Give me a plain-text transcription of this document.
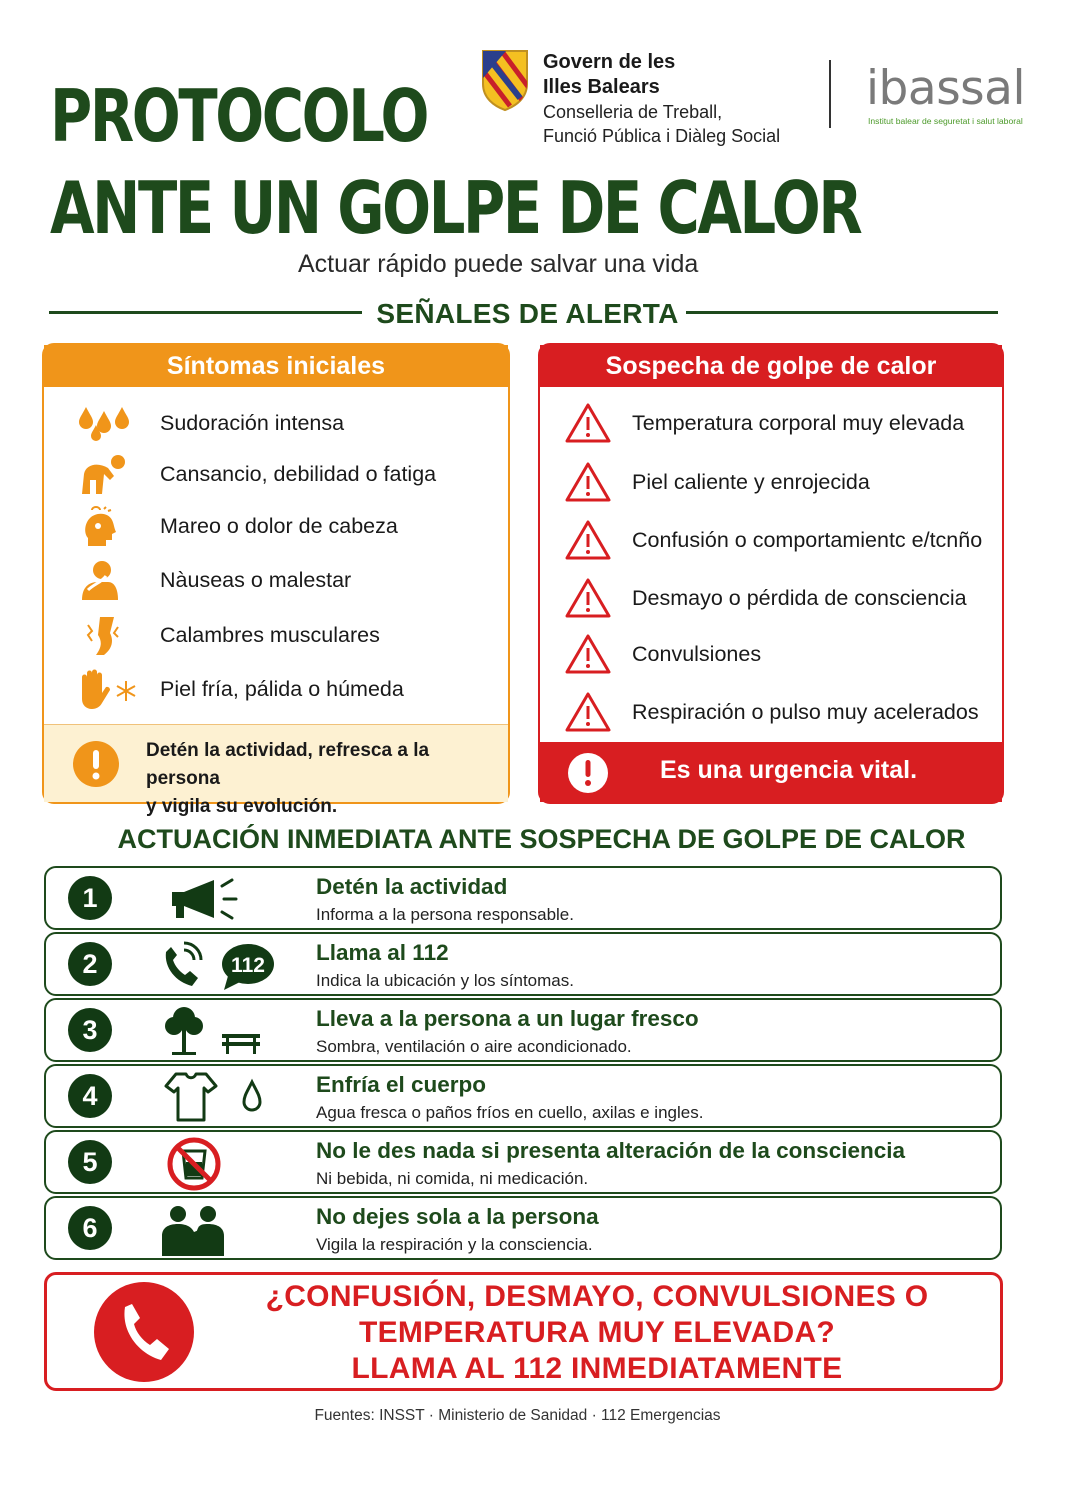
PROTOCOLO
ANTE UN GOLPE DE CALOR
Actuar rápido puede salvar una vida
Govern de les
Illes Balears
Conselleria de Treball,
Funció Pública i Diàleg Social
ibassal
Institut balear de seguretat i salut laboral
SEÑALES DE ALERTA
Síntomas iniciales
Sudoración intensa
Cansancio, debilidad o fatiga
Mareo o dolor de cabeza
Nàuseas o malestar
Calambres musculares
Piel fría, pálida o húmeda
Detén la actividad, refresca a la persona
y vigila su evolución.
Sospecha de golpe de calor
Temperatura corporal muy elevada
Piel caliente y enrojecida
Confusión o comportamientc e/tcnño
Desmayo o pérdida de consciencia
Convulsiones
Respiración o pulso muy acelerados
Es una urgencia vital.
ACTUACIÓN INMEDIATA ANTE SOSPECHA DE GOLPE DE CALOR
1	Detén la actividad
Informa a la persona responsable.
2	112
Llama al 112
Indica la ubicación y los síntomas.
3	Lleva a la persona a un lugar fresco
Sombra, ventilación o aire acondicionado.
4	Enfría el cuerpo
Agua fresca o paños fríos en cuello, axilas e ingles.
5	No le des nada si presenta alteración de la consciencia
Ni bebida, ni comida, ni medicación.
6	No dejes sola a la persona
Vigila la respiración y la consciencia.
¿CONFUSIÓN, DESMAYO, CONVULSIONES O
TEMPERATURA MUY ELEVADA?
LLAMA AL 112 INMEDIATAMENTE
Fuentes: INSST · Ministerio de Sanidad · 112 Emergencias
